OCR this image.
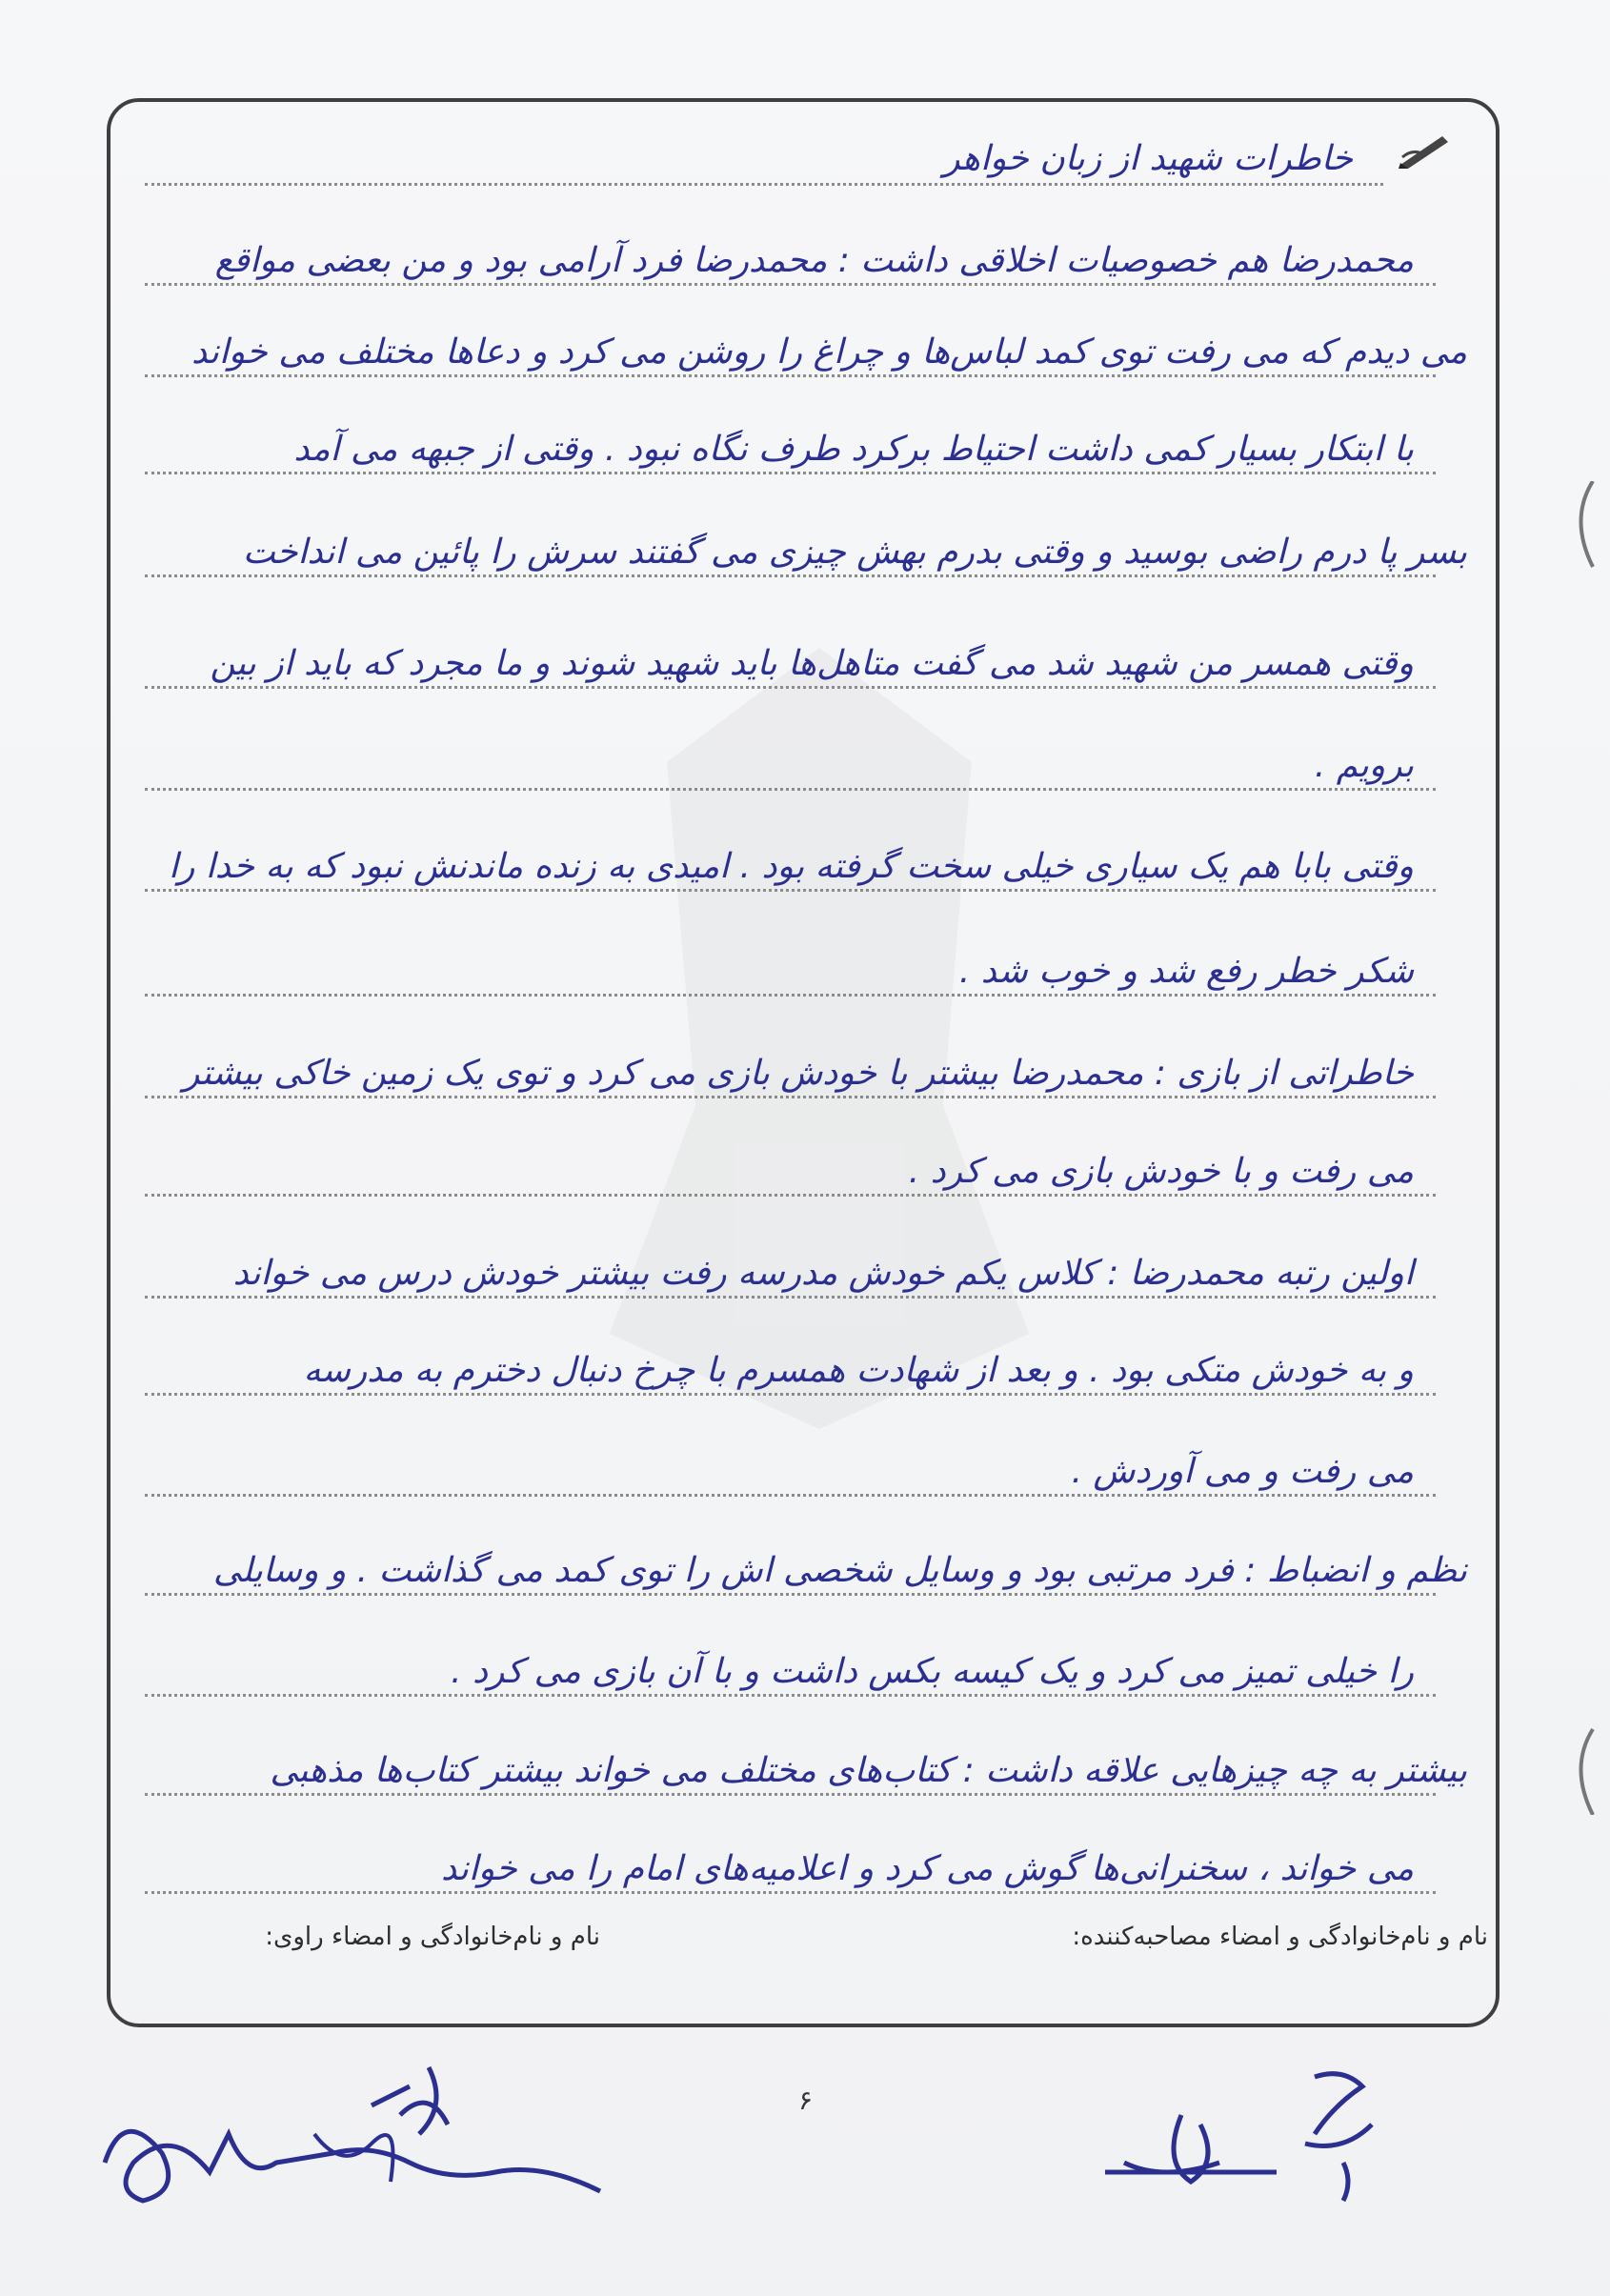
خاطرات شهید از زبان خواهر
محمدرضا هم خصوصیات اخلاقی داشت : محمدرضا فرد آرامی بود و من بعضی مواقع
می دیدم که می رفت توی کمد لباس‌ها و چراغ را روشن می کرد و دعاها مختلف می خواند
با ابتکار بسیار کمی داشت احتیاط برکرد طرف نگاه نبود . وقتی از جبهه می آمد
بسر پا درم راضی بوسید و وقتی بدرم بهش چیزی می گفتند سرش را پائین می انداخت
وقتی همسر من شهید شد می گفت متاهل‌ها باید شهید شوند و ما مجرد که باید از بین
برویم .
وقتی بابا هم یک سیاری خیلی سخت گرفته بود . امیدی به زنده ماندنش نبود که به خدا را
شکر خطر رفع شد و خوب شد .
خاطراتی از بازی : محمدرضا بیشتر با خودش بازی می کرد و توی یک زمین خاکی بیشتر
می رفت و با خودش بازی می کرد .
اولین رتبه محمدرضا : کلاس یکم خودش مدرسه رفت بیشتر خودش درس می خواند
و به خودش متکی بود . و بعد از شهادت همسرم با چرخ دنبال دخترم به مدرسه
می رفت و می آوردش .
نظم و انضباط : فرد مرتبی بود و وسایل شخصی اش را توی کمد می گذاشت . و وسایلی
را خیلی تمیز می کرد و یک کیسه بکس داشت و با آن بازی می کرد .
بیشتر به چه چیزهایی علاقه داشت : کتاب‌های مختلف می خواند بیشتر کتاب‌ها مذهبی
می خواند ، سخنرانی‌ها گوش می کرد و اعلامیه‌های امام را می خواند
نام و نام‌خانوادگی و امضاء مصاحبه‌کننده:
نام و نام‌خانوادگی و امضاء راوی:
۶
